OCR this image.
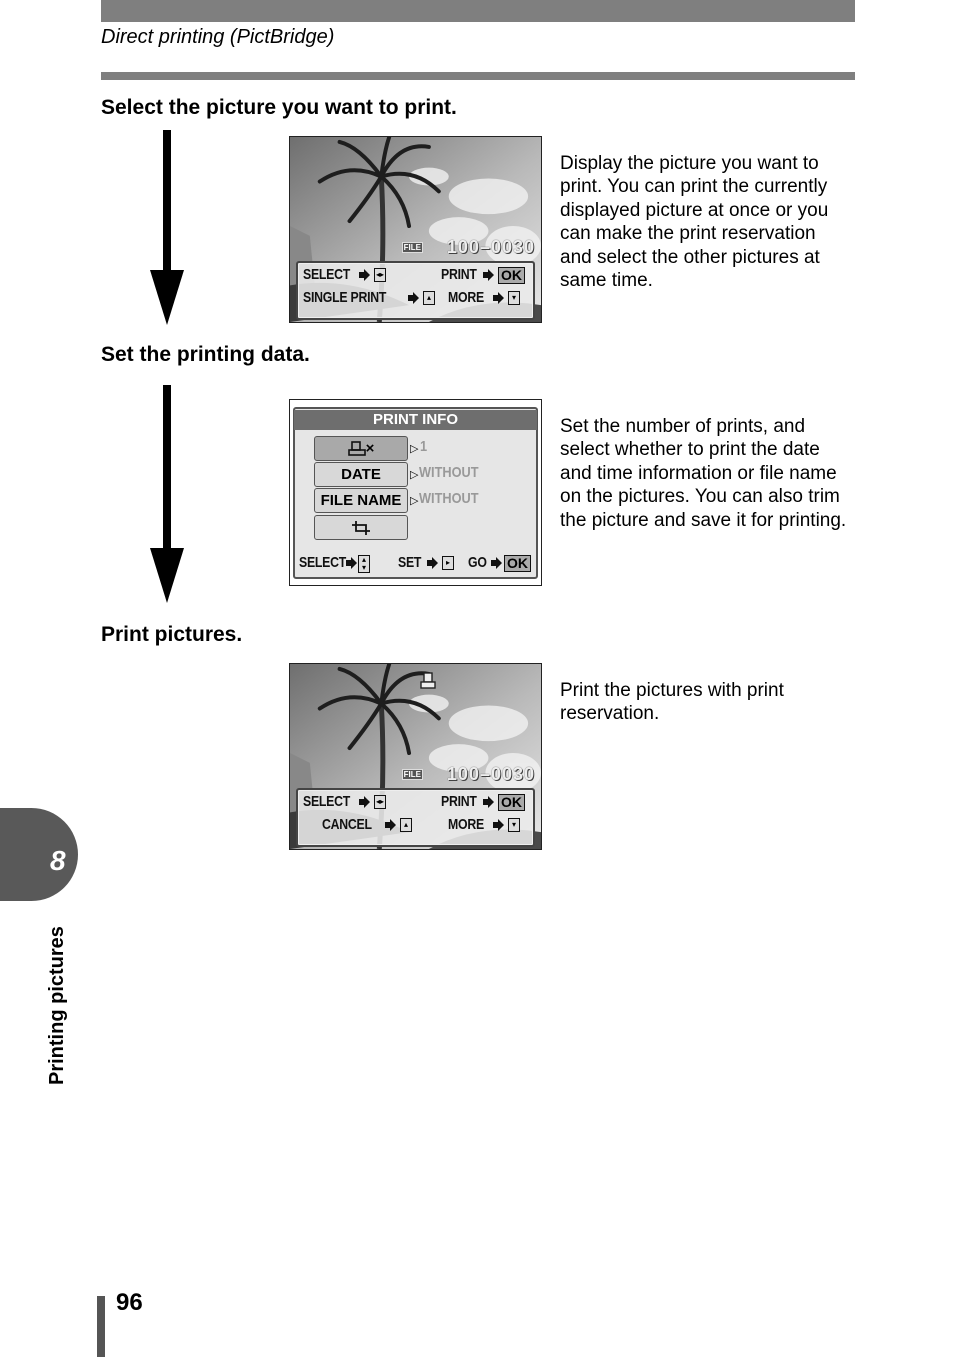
Direct printing (PictBridge)
Select the picture you want to print.
FILE 100–0030
SELECT	◂▸	PRINT OK
SINGLE PRINT	▴ MORE	▾
Display the picture you want to print. You can print the currently displayed picture at once or you can make the print reservation and select the other pictures at same time.
Set the printing data.
PRINT INFO
×	▷ 1
DATE	▷ WITHOUT
FILE NAME ▷ WITHOUT
SELECT	▴
▾ SET	▸ GO OK
Set the number of prints, and select whether to print the date and time information or file name on the pictures. You can also trim the picture and save it for printing.
Print pictures.
FILE 100–0030
SELECT	◂▸	PRINT OK
CANCEL	▴	MORE	▾
Print the pictures with print reservation.
8
Printing pictures
96
